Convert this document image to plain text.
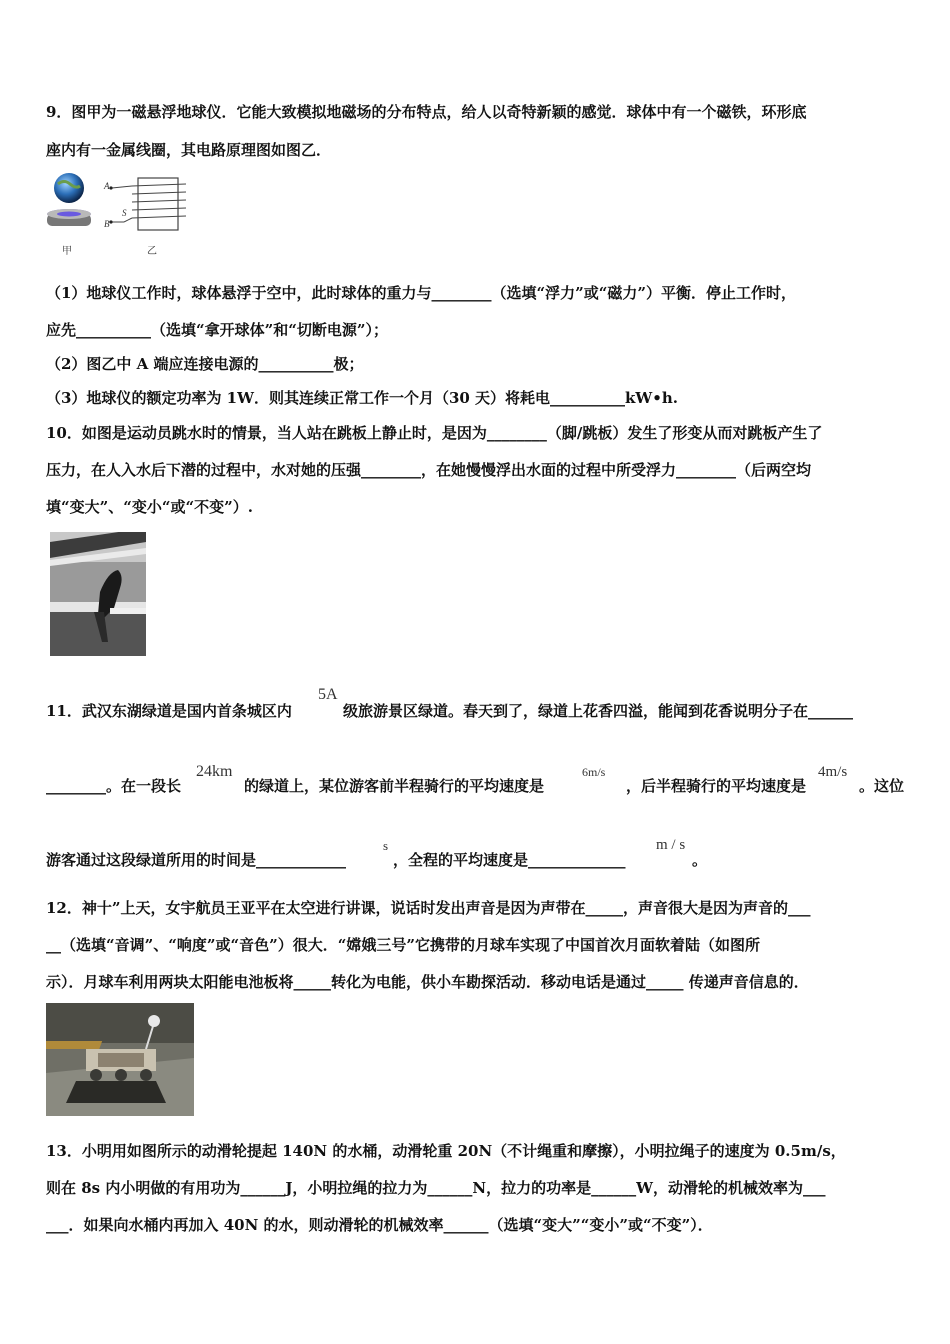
9．图甲为一磁悬浮地球仪．它能大致模拟地磁场的分布特点，给人以奇特新颖的感觉．球体中有一个磁铁，环形底
座内有一金属线圈，其电路原理图如图乙．
甲
A
B
S
乙
（1）地球仪工作时，球体悬浮于空中，此时球体的重力与________（选填“浮力”或“磁力”）平衡．停止工作时，
应先__________（选填“拿开球体”和“切断电源”）；
（2）图乙中 A 端应连接电源的__________极；
（3）地球仪的额定功率为 1W．则其连续正常工作一个月（30 天）将耗电__________kW•h.
10．如图是运动员跳水时的情景，当人站在跳板上静止时，是因为________（脚/跳板）发生了形变从而对跳板产生了
压力，在人入水后下潜的过程中，水对她的压强________，在她慢慢浮出水面的过程中所受浮力________（后两空均
填“变大”、“变小“或“不变”）.
11．武汉东湖绿道是国内首条城区内
5A
级旅游景区绿道。春天到了，绿道上花香四溢，能闻到花香说明分子在______
________。在一段长
24km
的绿道上，某位游客前半程骑行的平均速度是
6m/s
，后半程骑行的平均速度是
4m/s
。这位
游客通过这段绿道所用的时间是____________
s
，全程的平均速度是_____________
m / s
。
12．神十”上天，女宇航员王亚平在太空进行讲课，说话时发出声音是因为声带在_____，声音很大是因为声音的___
__（选填“音调”、“响度”或“音色”）很大．“嫦娥三号”它携带的月球车实现了中国首次月面软着陆（如图所
示）．月球车利用两块太阳能电池板将_____转化为电能，供小车勘探活动．移动电话是通过_____ 传递声音信息的．
13．小明用如图所示的动滑轮提起 140N 的水桶，动滑轮重 20N（不计绳重和摩擦），小明拉绳子的速度为 0.5m/s，
则在 8s 内小明做的有用功为______J，小明拉绳的拉力为______N，拉力的功率是______W，动滑轮的机械效率为___
___．如果向水桶内再加入 40N 的水，则动滑轮的机械效率______（选填“变大”“变小”或“不变”）．
